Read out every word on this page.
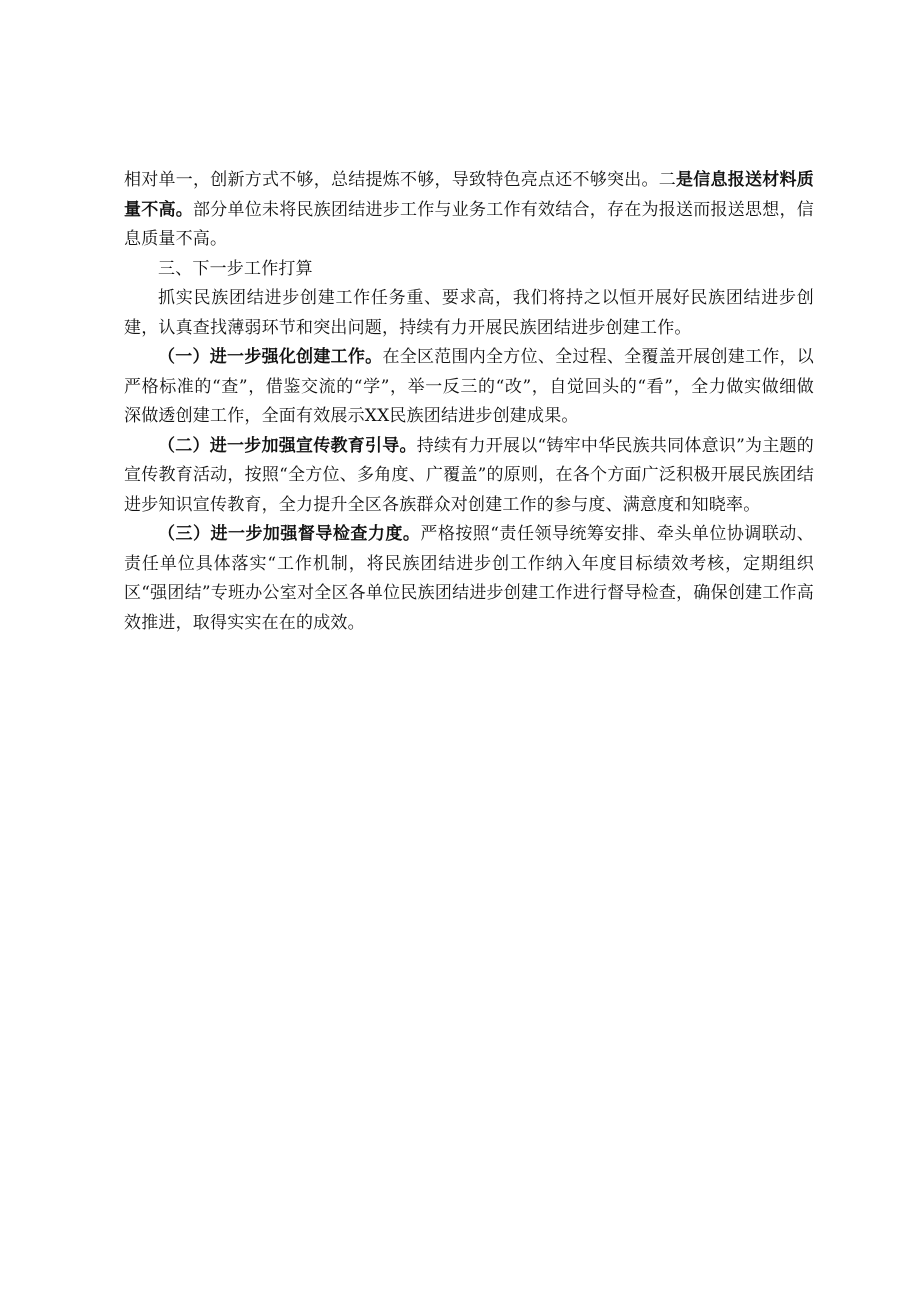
相对单一，创新方式不够，总结提炼不够，导致特色亮点还不够突出。二是信息报送材料质量不高。部分单位未将民族团结进步工作与业务工作有效结合，存在为报送而报送思想，信息质量不高。

三、下一步工作打算

抓实民族团结进步创建工作任务重、要求高，我们将持之以恒开展好民族团结进步创建，认真查找薄弱环节和突出问题，持续有力开展民族团结进步创建工作。

（一）进一步强化创建工作。在全区范围内全方位、全过程、全覆盖开展创建工作，以严格标准的“查”，借鉴交流的“学”，举一反三的“改”，自觉回头的“看”，全力做实做细做深做透创建工作，全面有效展示XX民族团结进步创建成果。

（二）进一步加强宣传教育引导。持续有力开展以“铸牢中华民族共同体意识”为主题的宣传教育活动，按照“全方位、多角度、广覆盖”的原则，在各个方面广泛积极开展民族团结进步知识宣传教育，全力提升全区各族群众对创建工作的参与度、满意度和知晓率。

（三）进一步加强督导检查力度。严格按照“责任领导统筹安排、牵头单位协调联动、责任单位具体落实“工作机制，将民族团结进步创工作纳入年度目标绩效考核，定期组织区“强团结”专班办公室对全区各单位民族团结进步创建工作进行督导检查，确保创建工作高效推进，取得实实在在的成效。
